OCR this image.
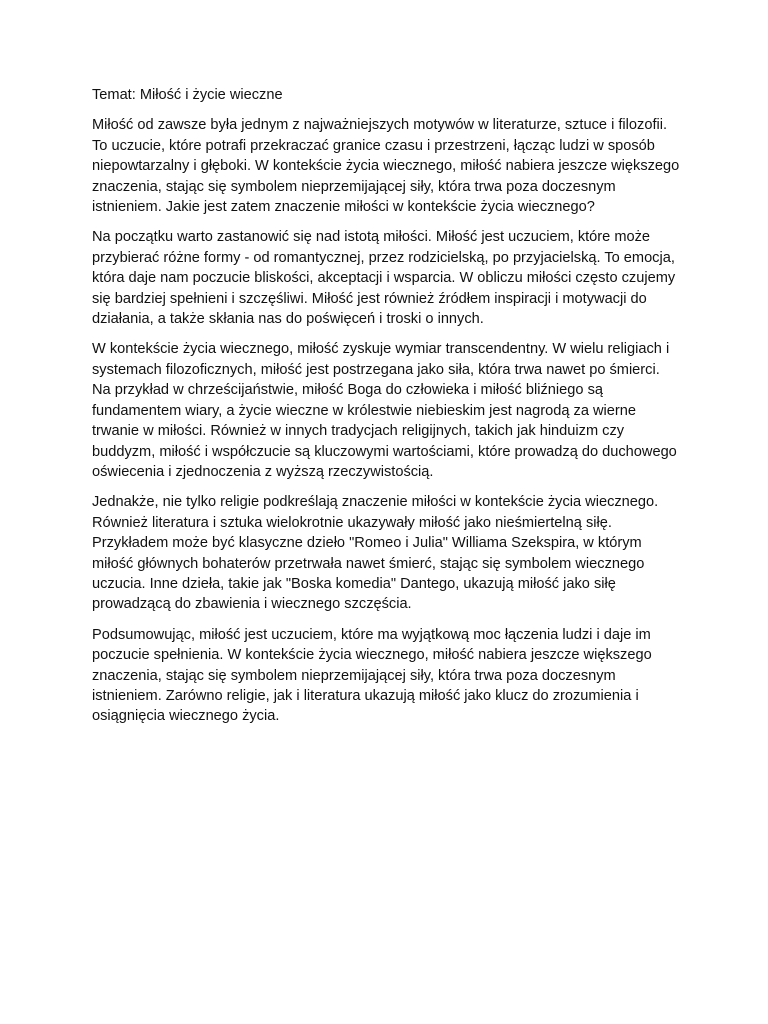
Temat: Miłość i życie wieczne

Miłość od zawsze była jednym z najważniejszych motywów w literaturze, sztuce i filozofii. To uczucie, które potrafi przekraczać granice czasu i przestrzeni, łącząc ludzi w sposób niepowtarzalny i głęboki. W kontekście życia wiecznego, miłość nabiera jeszcze większego znaczenia, stając się symbolem nieprzemijającej siły, która trwa poza doczesnym istnieniem. Jakie jest zatem znaczenie miłości w kontekście życia wiecznego?

Na początku warto zastanowić się nad istotą miłości. Miłość jest uczuciem, które może przybierać różne formy - od romantycznej, przez rodzicielską, po przyjacielską. To emocja, która daje nam poczucie bliskości, akceptacji i wsparcia. W obliczu miłości często czujemy się bardziej spełnieni i szczęśliwi. Miłość jest również źródłem inspiracji i motywacji do działania, a także skłania nas do poświęceń i troski o innych.

W kontekście życia wiecznego, miłość zyskuje wymiar transcendentny. W wielu religiach i systemach filozoficznych, miłość jest postrzegana jako siła, która trwa nawet po śmierci. Na przykład w chrześcijaństwie, miłość Boga do człowieka i miłość bliźniego są fundamentem wiary, a życie wieczne w królestwie niebieskim jest nagrodą za wierne trwanie w miłości. Również w innych tradycjach religijnych, takich jak hinduizm czy buddyzm, miłość i współczucie są kluczowymi wartościami, które prowadzą do duchowego oświecenia i zjednoczenia z wyższą rzeczywistością.

Jednakże, nie tylko religie podkreślają znaczenie miłości w kontekście życia wiecznego. Również literatura i sztuka wielokrotnie ukazywały miłość jako nieśmiertelną siłę. Przykładem może być klasyczne dzieło "Romeo i Julia" Williama Szekspira, w którym miłość głównych bohaterów przetrwała nawet śmierć, stając się symbolem wiecznego uczucia. Inne dzieła, takie jak "Boska komedia" Dantego, ukazują miłość jako siłę prowadzącą do zbawienia i wiecznego szczęścia.

Podsumowując, miłość jest uczuciem, które ma wyjątkową moc łączenia ludzi i daje im poczucie spełnienia. W kontekście życia wiecznego, miłość nabiera jeszcze większego znaczenia, stając się symbolem nieprzemijającej siły, która trwa poza doczesnym istnieniem. Zarówno religie, jak i literatura ukazują miłość jako klucz do zrozumienia i osiągnięcia wiecznego życia.
